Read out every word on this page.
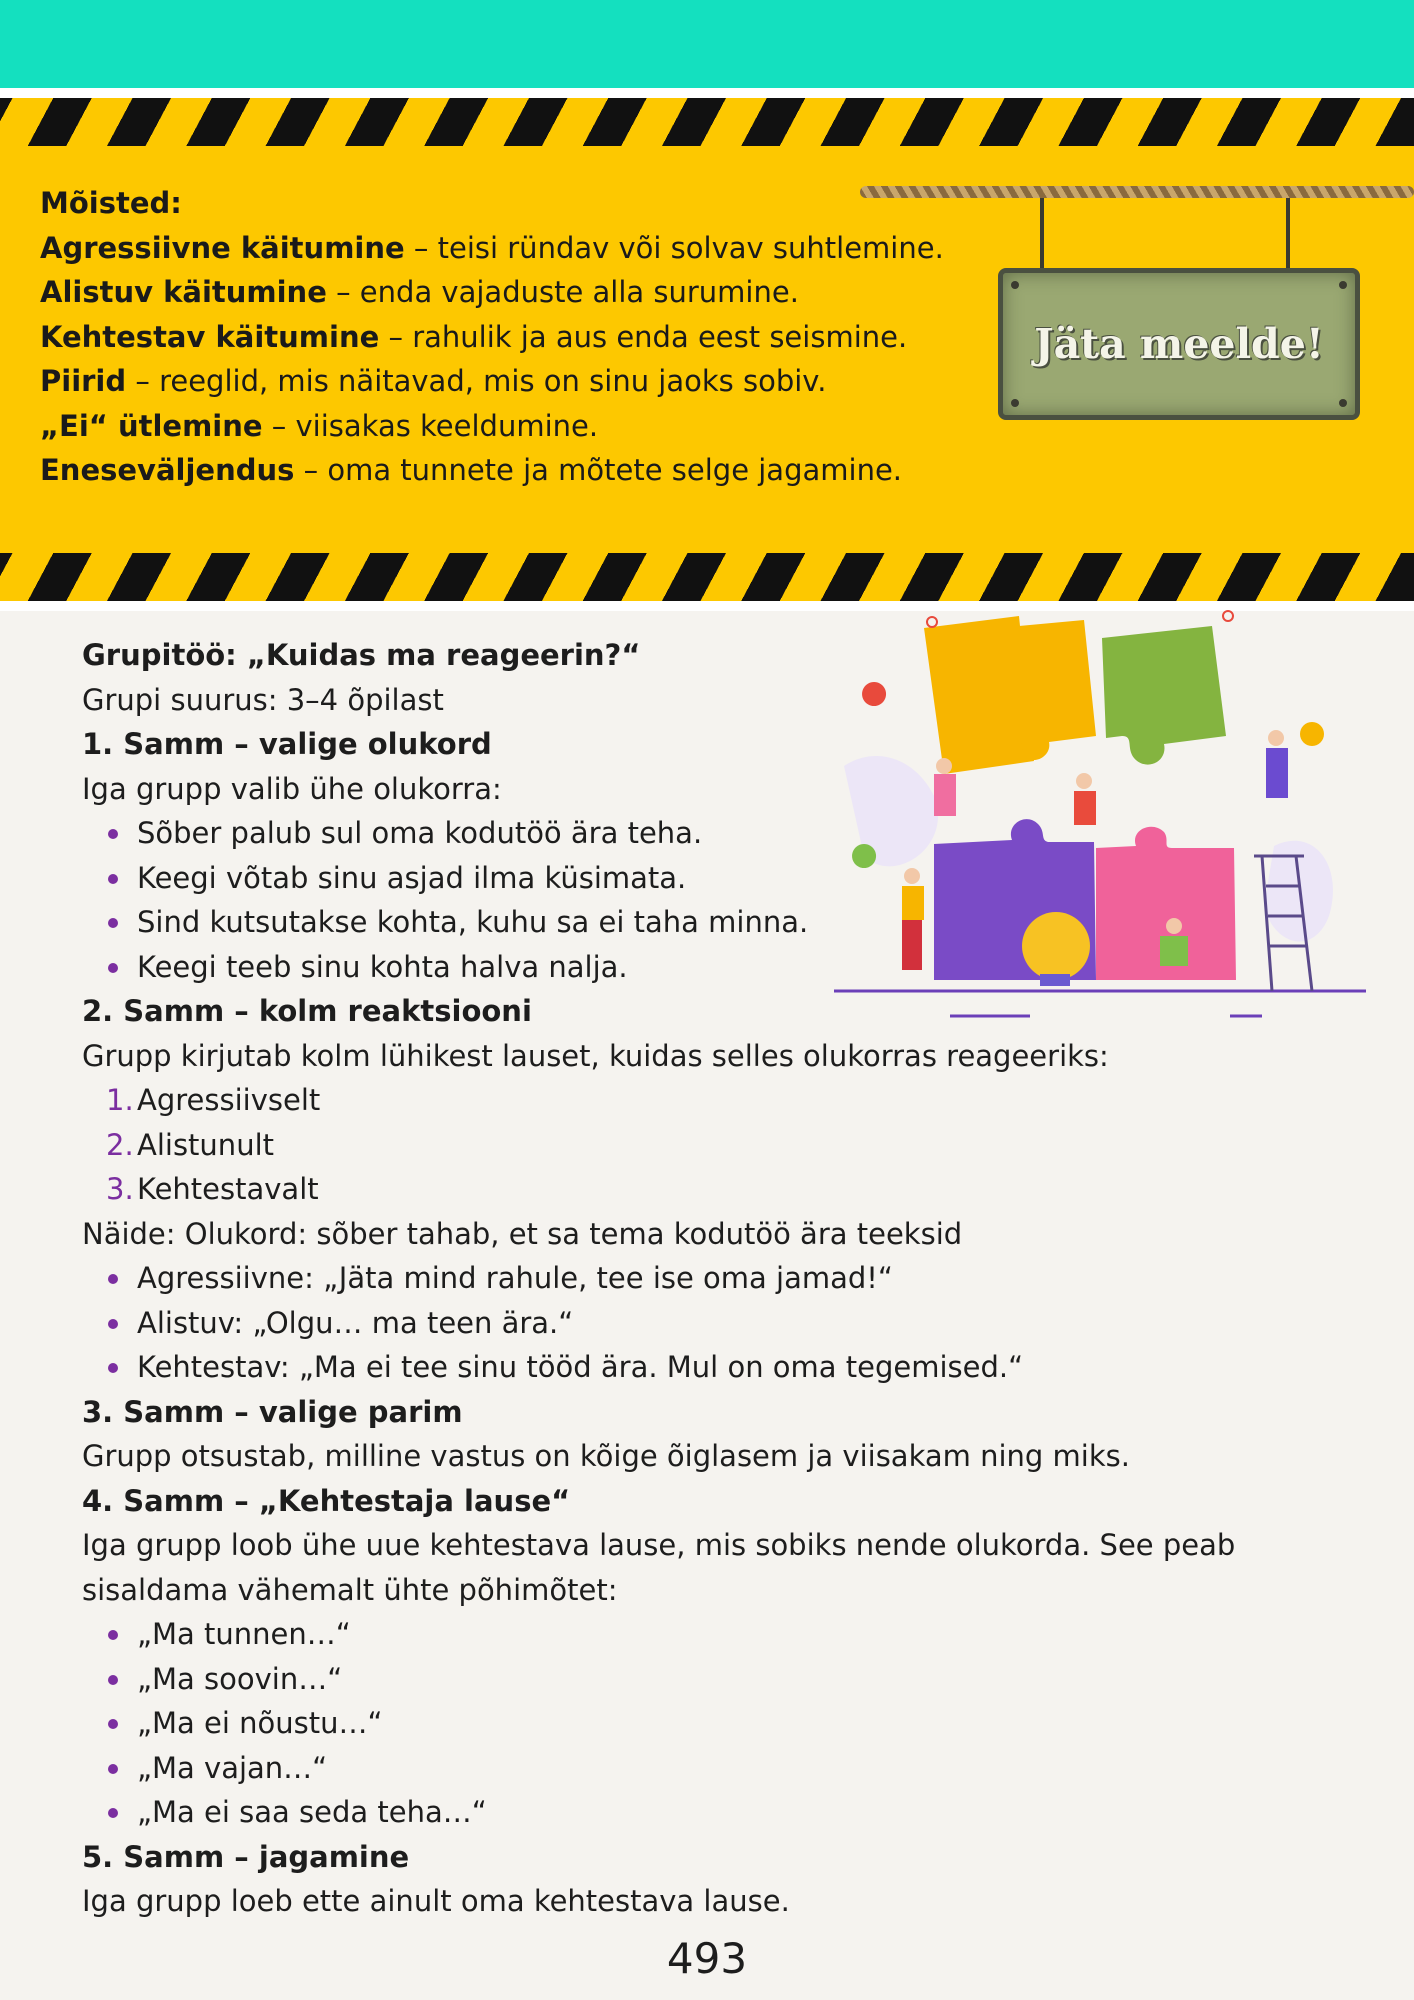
Mõisted:

Agressiivne käitumine – teisi ründav või solvav suhtlemine.

Alistuv käitumine – enda vajaduste alla surumine.

Kehtestav käitumine – rahulik ja aus enda eest seismine.

Piirid – reeglid, mis näitavad, mis on sinu jaoks sobiv.

„Ei“ ütlemine – viisakas keeldumine.

Eneseväljendus – oma tunnete ja mõtete selge jagamine.

Jäta meelde!

Grupitöö: „Kuidas ma reageerin?“

Grupi suurus: 3–4 õpilast

1. Samm – valige olukord

Iga grupp valib ühe olukorra:

Sõber palub sul oma kodutöö ära teha.
Keegi võtab sinu asjad ilma küsimata.
Sind kutsutakse kohta, kuhu sa ei taha minna.
Keegi teeb sinu kohta halva nalja.

2. Samm – kolm reaktsiooni

Grupp kirjutab kolm lühikest lauset, kuidas selles olukorras reageeriks:

1. Agressiivselt
2. Alistunult
3. Kehtestavalt

Näide: Olukord: sõber tahab, et sa tema kodutöö ära teeksid

Agressiivne: „Jäta mind rahule, tee ise oma jamad!“
Alistuv: „Olgu… ma teen ära.“
Kehtestav: „Ma ei tee sinu tööd ära. Mul on oma tegemised.“

3. Samm – valige parim

Grupp otsustab, milline vastus on kõige õiglasem ja viisakam ning miks.

4. Samm – „Kehtestaja lause“

Iga grupp loob ühe uue kehtestava lause, mis sobiks nende olukorda. See peab sisaldama vähemalt ühte põhimõtet:

„Ma tunnen…“
„Ma soovin…“
„Ma ei nõustu…“
„Ma vajan…“
„Ma ei saa seda teha…“

5. Samm – jagamine

Iga grupp loeb ette ainult oma kehtestava lause.

493
